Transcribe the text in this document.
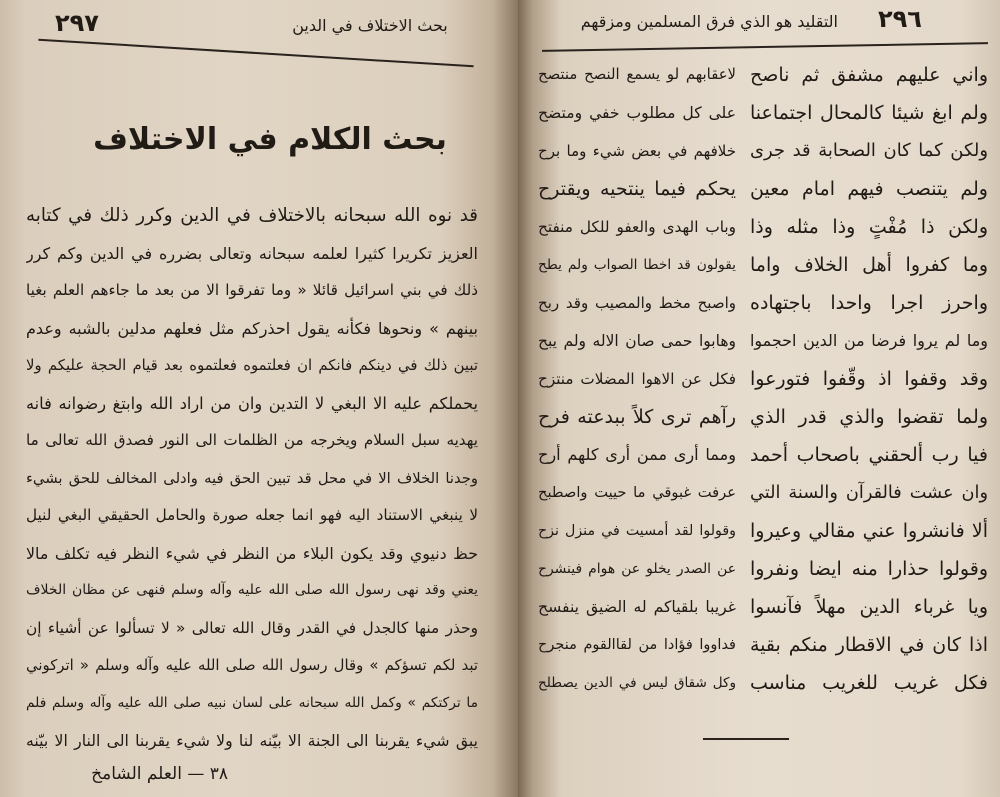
٢٩٧	بحث الاختلاف في الدين
بحث الكلام في الاختلاف
قد نوه الله سبحانه بالاختلاف في الدين وكرر ذلك في كتابه
العزيز تكريرا كثيرا لعلمه سبحانه وتعالى بضرره في الدين وكم كرر
ذلك في بني اسرائيل قائلا « وما تفرقوا الا من بعد ما جاءهم العلم بغيا
بينهم » ونحوها فكأنه يقول احذركم مثل فعلهم مدلين بالشبه وعدم
تبين ذلك في دينكم فانكم ان فعلتموه فعلتموه بعد قيام الحجة عليكم ولا
يحملكم عليه الا البغي لا التدين وان من اراد الله وابتغ رضوانه فانه
يهديه سبل السلام ويخرجه من الظلمات الى النور فصدق الله تعالى ما
وجدنا الخلاف الا في محل قد تبين الحق فيه وادلى المخالف للحق بشيء
لا ينبغي الاستناد اليه فهو انما جعله صورة والحامل الحقيقي البغي لنيل
حظ دنيوي وقد يكون البلاء من النظر في شيء النظر فيه تكلف مالا
يعني وقد نهى رسول الله صلى الله عليه وآله وسلم فنهى عن مظان الخلاف
وحذر منها كالجدل في القدر وقال الله تعالى « لا تسألوا عن أشياء إن
تبد لكم تسؤكم » وقال رسول الله صلى الله عليه وآله وسلم « اتركوني
ما تركتكم » وكمل الله سبحانه على لسان نبيه صلى الله عليه وآله وسلم فلم
يبق شيء يقربنا الى الجنة الا بيّنه لنا ولا شيء يقربنا الى النار الا بيّنه
٣٨ — العلم الشامخ
٢٩٦
التقليد هو الذي فرق المسلمين ومزقهم
واني عليهم مشفق ثم ناصح
لاعقابهم لو يسمع النصح منتصح
ولم ابغ شيئا كالمحال اجتماعنا
على كل مطلوب خفي ومتضح
ولكن كما كان الصحابة قد جرى
خلافهم في بعض شيء وما برح
ولم يتنصب فيهم امام معين
يحكم فيما ينتحيه ويقترح
ولكن ذا مُفْتٍ وذا مثله وذا
وباب الهدى والعفو للكل منفتح
وما كفروا أهل الخلاف واما
يقولون قد اخطا الصواب ولم يطح
واحرز اجرا واحدا باجتهاده
واصبح مخط والمصيب وقد ربح
وما لم يروا فرضا من الدين احجموا
وهابوا حمى صان الاله ولم يبح
وقد وقفوا اذ وقّفوا فتورعوا
فكل عن الاهوا المضلات منتزح
ولما تقضوا والذي قدر الذي
رآهم ترى كلاً ببدعته فرح
فيا رب ألحقني باصحاب أحمد
ومما أرى ممن أرى كلهم أرح
وان عشت فالقرآن والسنة التي
عرفت غبوقي ما حييت واصطبح
ألا فانشروا عني مقالي وعيروا
وقولوا لقد أمسيت في منزل نزح
وقولوا حذارا منه ايضا ونفروا
عن الصدر يخلو عن هوام فينشرح
ويا غرباء الدين مهلاً فآنسوا
غريبا بلقياكم له الضيق ينفسح
اذا كان في الاقطار منكم بقية
فداووا فؤادا من لقاالقوم منجرح
فكل غريب للغريب مناسب
وكل شقاق ليس في الدين يصطلح
